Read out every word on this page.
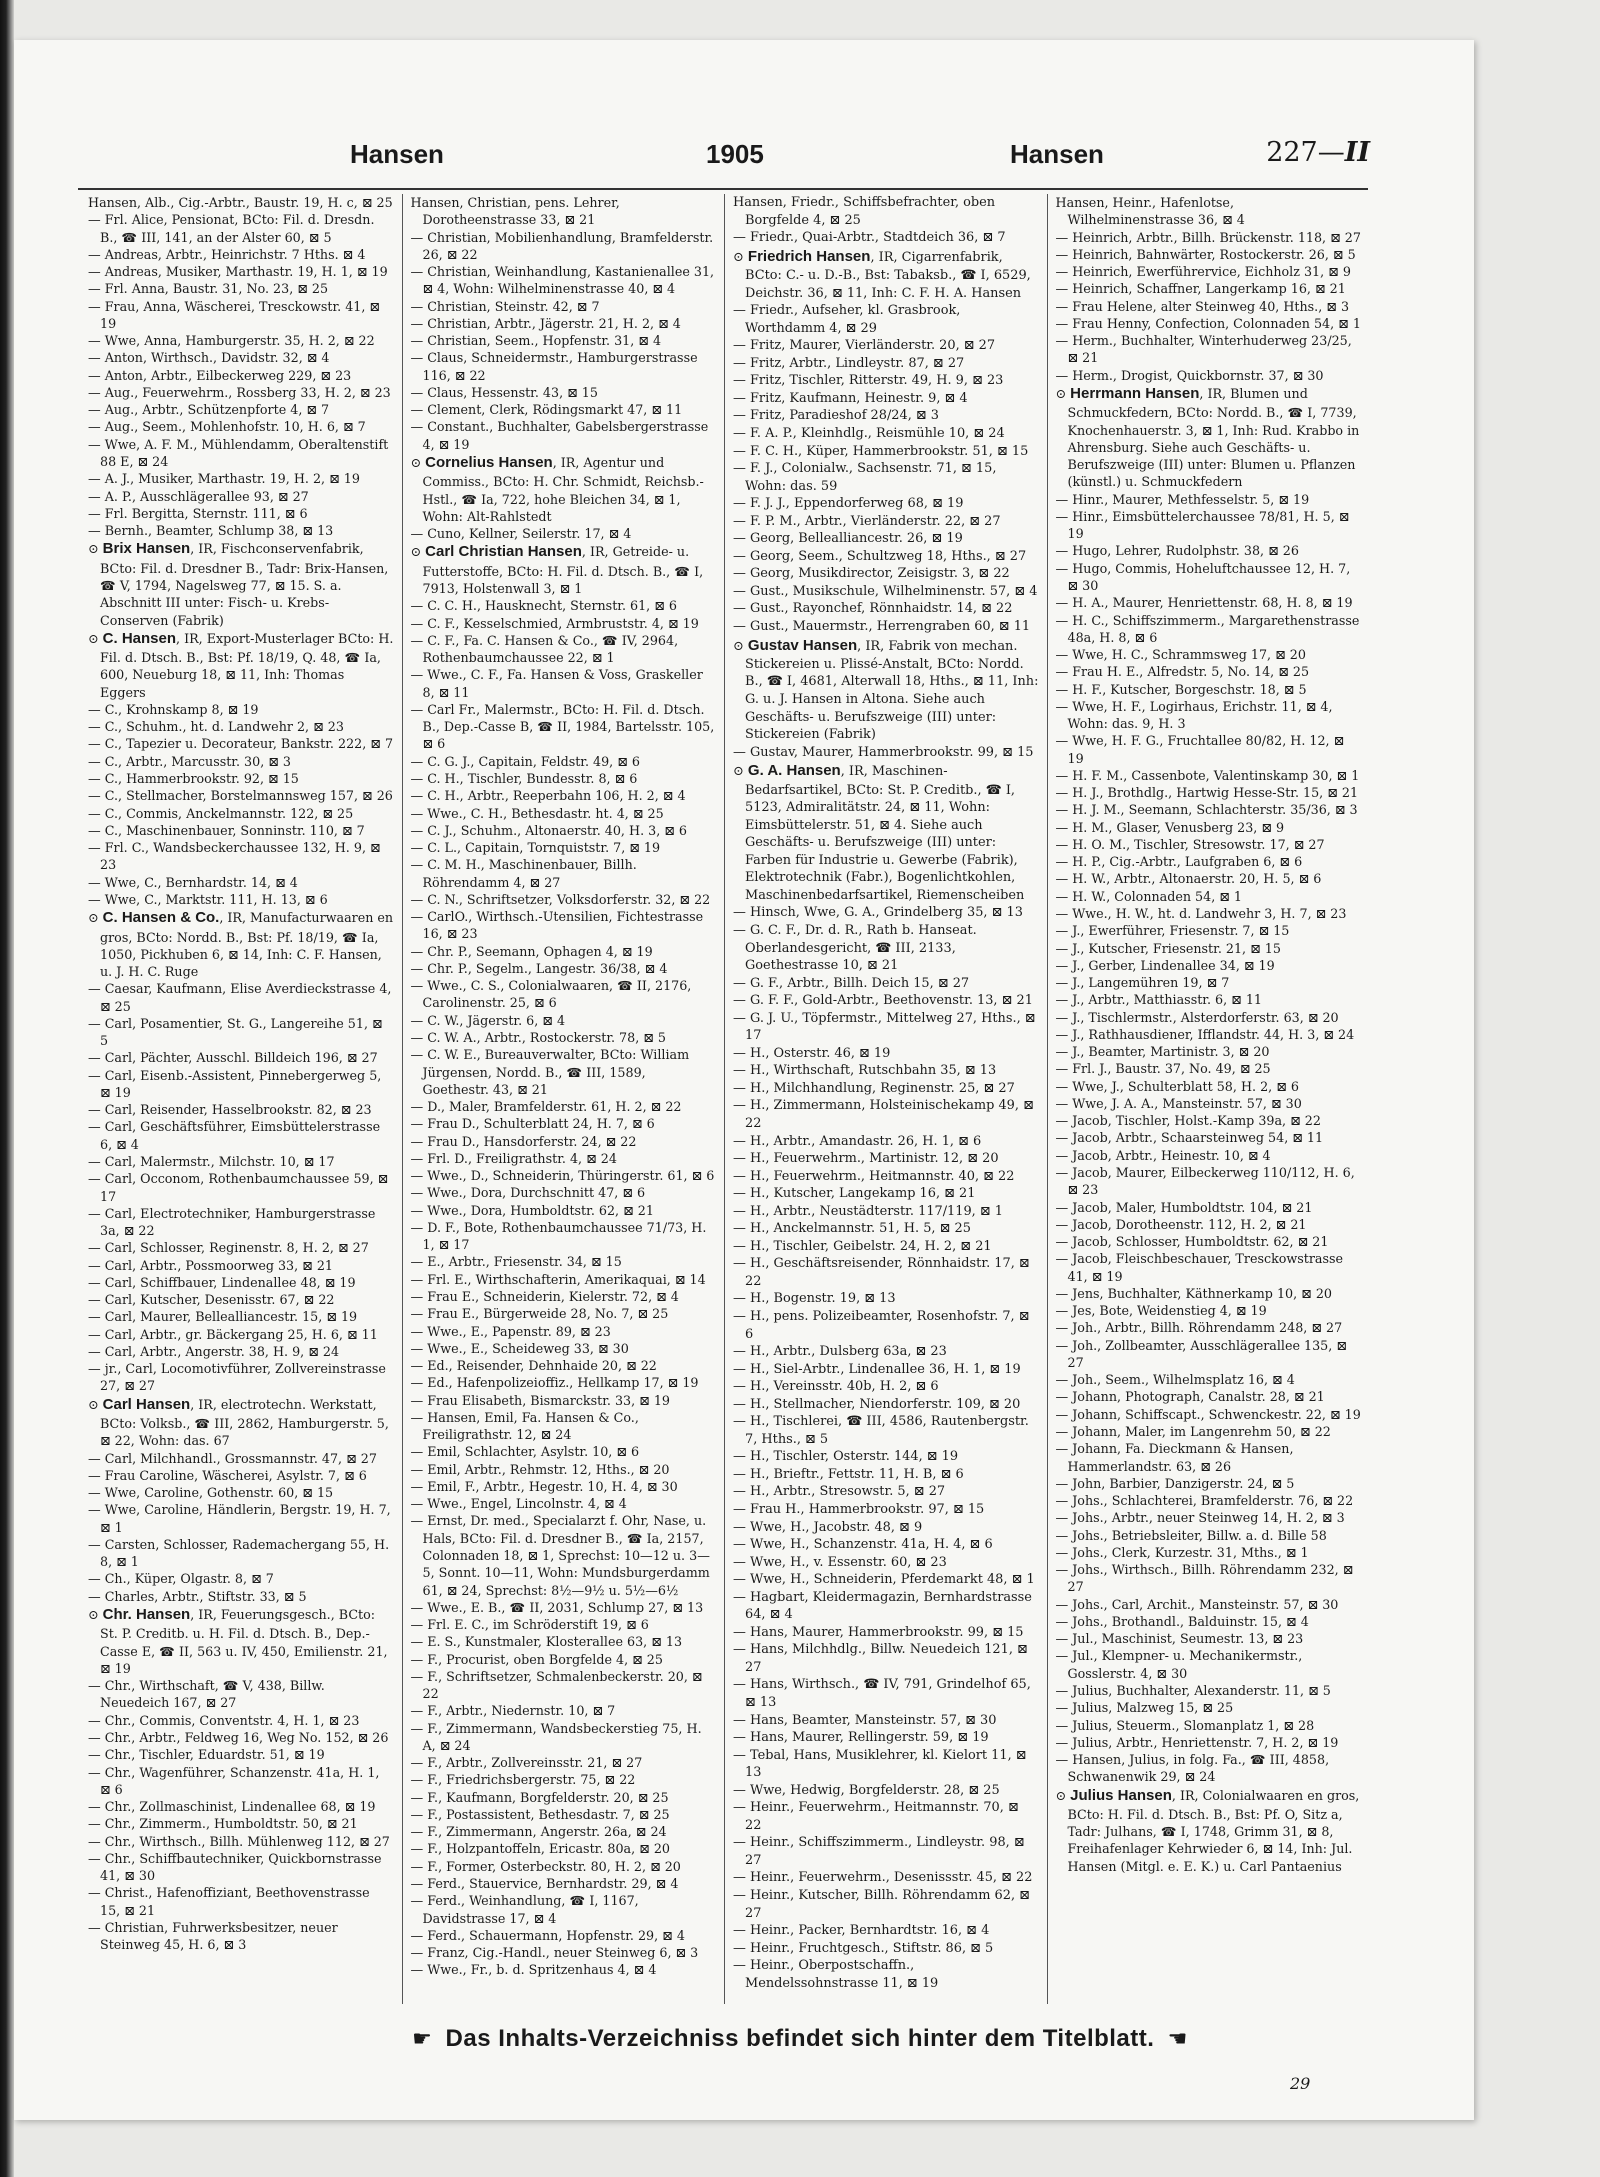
Hansen	1905	Hansen	227—II

Hansen, Alb., Cig.-Arbtr., Baustr. 19, H. c, ⊠ 25

— Frl. Alice, Pensionat, BCto: Fil. d. Dresdn. B., ☎ III, 141, an der Alster 60, ⊠ 5

— Andreas, Arbtr., Heinrichstr. 7 Hths. ⊠ 4

— Andreas, Musiker, Marthastr. 19, H. 1, ⊠ 19

— Frl. Anna, Baustr. 31, No. 23, ⊠ 25

— Frau, Anna, Wäscherei, Tresckowstr. 41, ⊠ 19

— Wwe, Anna, Hamburgerstr. 35, H. 2, ⊠ 22

— Anton, Wirthsch., Davidstr. 32, ⊠ 4

— Anton, Arbtr., Eilbeckerweg 229, ⊠ 23

— Aug., Feuerwehrm., Rossberg 33, H. 2, ⊠ 23

— Aug., Arbtr., Schützenpforte 4, ⊠ 7

— Aug., Seem., Mohlenhofstr. 10, H. 6, ⊠ 7

— Wwe, A. F. M., Mühlendamm, Oberaltenstift 88 E, ⊠ 24

— A. J., Musiker, Marthastr. 19, H. 2, ⊠ 19

— A. P., Ausschlägerallee 93, ⊠ 27

— Frl. Bergitta, Sternstr. 111, ⊠ 6

— Bernh., Beamter, Schlump 38, ⊠ 13

⊙ Brix Hansen, IR, Fischconservenfabrik, BCto: Fil. d. Dresdner B., Tadr: Brix-Hansen, ☎ V, 1794, Nagelsweg 77, ⊠ 15. S. a. Abschnitt III unter: Fisch- u. Krebs-Conserven (Fabrik)

⊙ C. Hansen, IR, Export-Musterlager BCto: H. Fil. d. Dtsch. B., Bst: Pf. 18/19, Q. 48, ☎ Ia, 600, Neueburg 18, ⊠ 11, Inh: Thomas Eggers

— C., Krohnskamp 8, ⊠ 19

— C., Schuhm., ht. d. Landwehr 2, ⊠ 23

— C., Tapezier u. Decorateur, Bankstr. 222, ⊠ 7

— C., Arbtr., Marcusstr. 30, ⊠ 3

— C., Hammerbrookstr. 92, ⊠ 15

— C., Stellmacher, Borstelmannsweg 157, ⊠ 26

— C., Commis, Anckelmannstr. 122, ⊠ 25

— C., Maschinenbauer, Sonninstr. 110, ⊠ 7

— Frl. C., Wandsbeckerchaussee 132, H. 9, ⊠ 23

— Wwe, C., Bernhardstr. 14, ⊠ 4

— Wwe, C., Marktstr. 111, H. 13, ⊠ 6

⊙ C. Hansen & Co., IR, Manufacturwaaren en gros, BCto: Nordd. B., Bst: Pf. 18/19, ☎ Ia, 1050, Pickhuben 6, ⊠ 14, Inh: C. F. Hansen, u. J. H. C. Ruge

— Caesar, Kaufmann, Elise Averdieckstrasse 4, ⊠ 25

— Carl, Posamentier, St. G., Langereihe 51, ⊠ 5

— Carl, Pächter, Ausschl. Billdeich 196, ⊠ 27

— Carl, Eisenb.-Assistent, Pinnebergerweg 5, ⊠ 19

— Carl, Reisender, Hasselbrookstr. 82, ⊠ 23

— Carl, Geschäftsführer, Eimsbüttelerstrasse 6, ⊠ 4

— Carl, Malermstr., Milchstr. 10, ⊠ 17

— Carl, Occonom, Rothenbaumchaussee 59, ⊠ 17

— Carl, Electrotechniker, Hamburgerstrasse 3a, ⊠ 22

— Carl, Schlosser, Reginenstr. 8, H. 2, ⊠ 27

— Carl, Arbtr., Possmoorweg 33, ⊠ 21

— Carl, Schiffbauer, Lindenallee 48, ⊠ 19

— Carl, Kutscher, Desenisstr. 67, ⊠ 22

— Carl, Maurer, Bellealliancestr. 15, ⊠ 19

— Carl, Arbtr., gr. Bäckergang 25, H. 6, ⊠ 11

— Carl, Arbtr., Angerstr. 38, H. 9, ⊠ 24

— jr., Carl, Locomotivführer, Zollvereinstrasse 27, ⊠ 27

⊙ Carl Hansen, IR, electrotechn. Werkstatt, BCto: Volksb., ☎ III, 2862, Hamburgerstr. 5, ⊠ 22, Wohn: das. 67

— Carl, Milchhandl., Grossmannstr. 47, ⊠ 27

— Frau Caroline, Wäscherei, Asylstr. 7, ⊠ 6

— Wwe, Caroline, Gothenstr. 60, ⊠ 15

— Wwe, Caroline, Händlerin, Bergstr. 19, H. 7, ⊠ 1

— Carsten, Schlosser, Rademachergang 55, H. 8, ⊠ 1

— Ch., Küper, Olgastr. 8, ⊠ 7

— Charles, Arbtr., Stiftstr. 33, ⊠ 5

⊙ Chr. Hansen, IR, Feuerungsgesch., BCto: St. P. Creditb. u. H. Fil. d. Dtsch. B., Dep.-Casse E, ☎ II, 563 u. IV, 450, Emilienstr. 21, ⊠ 19

— Chr., Wirthschaft, ☎ V, 438, Billw. Neuedeich 167, ⊠ 27

— Chr., Commis, Conventstr. 4, H. 1, ⊠ 23

— Chr., Arbtr., Feldweg 16, Weg No. 152, ⊠ 26

— Chr., Tischler, Eduardstr. 51, ⊠ 19

— Chr., Wagenführer, Schanzenstr. 41a, H. 1, ⊠ 6

— Chr., Zollmaschinist, Lindenallee 68, ⊠ 19

— Chr., Zimmerm., Humboldtstr. 50, ⊠ 21

— Chr., Wirthsch., Billh. Mühlenweg 112, ⊠ 27

— Chr., Schiffbautechniker, Quickbornstrasse 41, ⊠ 30

— Christ., Hafenoffiziant, Beethovenstrasse 15, ⊠ 21

— Christian, Fuhrwerksbesitzer, neuer Steinweg 45, H. 6, ⊠ 3

Hansen, Christian, pens. Lehrer, Dorotheenstrasse 33, ⊠ 21

— Christian, Mobilienhandlung, Bramfelderstr. 26, ⊠ 22

— Christian, Weinhandlung, Kastanienallee 31, ⊠ 4, Wohn: Wilhelminenstrasse 40, ⊠ 4

— Christian, Steinstr. 42, ⊠ 7

— Christian, Arbtr., Jägerstr. 21, H. 2, ⊠ 4

— Christian, Seem., Hopfenstr. 31, ⊠ 4

— Claus, Schneidermstr., Hamburgerstrasse 116, ⊠ 22

— Claus, Hessenstr. 43, ⊠ 15

— Clement, Clerk, Rödingsmarkt 47, ⊠ 11

— Constant., Buchhalter, Gabelsbergerstrasse 4, ⊠ 19

⊙ Cornelius Hansen, IR, Agentur und Commiss., BCto: H. Chr. Schmidt, Reichsb.-Hstl., ☎ Ia, 722, hohe Bleichen 34, ⊠ 1, Wohn: Alt-Rahlstedt

— Cuno, Kellner, Seilerstr. 17, ⊠ 4

⊙ Carl Christian Hansen, IR, Getreide- u. Futterstoffe, BCto: H. Fil. d. Dtsch. B., ☎ I, 7913, Holstenwall 3, ⊠ 1

— C. C. H., Hausknecht, Sternstr. 61, ⊠ 6

— C. F., Kesselschmied, Armbruststr. 4, ⊠ 19

— C. F., Fa. C. Hansen & Co., ☎ IV, 2964, Rothenbaumchaussee 22, ⊠ 1

— Wwe., C. F., Fa. Hansen & Voss, Graskeller 8, ⊠ 11

— Carl Fr., Malermstr., BCto: H. Fil. d. Dtsch. B., Dep.-Casse B, ☎ II, 1984, Bartelsstr. 105, ⊠ 6

— C. G. J., Capitain, Feldstr. 49, ⊠ 6

— C. H., Tischler, Bundesstr. 8, ⊠ 6

— C. H., Arbtr., Reeperbahn 106, H. 2, ⊠ 4

— Wwe., C. H., Bethesdastr. ht. 4, ⊠ 25

— C. J., Schuhm., Altonaerstr. 40, H. 3, ⊠ 6

— C. L., Capitain, Tornquiststr. 7, ⊠ 19

— C. M. H., Maschinenbauer, Billh. Röhrendamm 4, ⊠ 27

— C. N., Schriftsetzer, Volksdorferstr. 32, ⊠ 22

— CarlO., Wirthsch.-Utensilien, Fichtestrasse 16, ⊠ 23

— Chr. P., Seemann, Ophagen 4, ⊠ 19

— Chr. P., Segelm., Langestr. 36/38, ⊠ 4

— Wwe., C. S., Colonialwaaren, ☎ II, 2176, Carolinenstr. 25, ⊠ 6

— C. W., Jägerstr. 6, ⊠ 4

— C. W. A., Arbtr., Rostockerstr. 78, ⊠ 5

— C. W. E., Bureauverwalter, BCto: William Jürgensen, Nordd. B., ☎ III, 1589, Goethestr. 43, ⊠ 21

— D., Maler, Bramfelderstr. 61, H. 2, ⊠ 22

— Frau D., Schulterblatt 24, H. 7, ⊠ 6

— Frau D., Hansdorferstr. 24, ⊠ 22

— Frl. D., Freiligrathstr. 4, ⊠ 24

— Wwe., D., Schneiderin, Thüringerstr. 61, ⊠ 6

— Wwe., Dora, Durchschnitt 47, ⊠ 6

— Wwe., Dora, Humboldtstr. 62, ⊠ 21

— D. F., Bote, Rothenbaumchaussee 71/73, H. 1, ⊠ 17

— E., Arbtr., Friesenstr. 34, ⊠ 15

— Frl. E., Wirthschafterin, Amerikaquai, ⊠ 14

— Frau E., Schneiderin, Kielerstr. 72, ⊠ 4

— Frau E., Bürgerweide 28, No. 7, ⊠ 25

— Wwe., E., Papenstr. 89, ⊠ 23

— Wwe., E., Scheideweg 33, ⊠ 30

— Ed., Reisender, Dehnhaide 20, ⊠ 22

— Ed., Hafenpolizeioffiz., Hellkamp 17, ⊠ 19

— Frau Elisabeth, Bismarckstr. 33, ⊠ 19

— Hansen, Emil, Fa. Hansen & Co., Freiligrathstr. 12, ⊠ 24

— Emil, Schlachter, Asylstr. 10, ⊠ 6

— Emil, Arbtr., Rehmstr. 12, Hths., ⊠ 20

— Emil, F., Arbtr., Hegestr. 10, H. 4, ⊠ 30

— Wwe., Engel, Lincolnstr. 4, ⊠ 4

— Ernst, Dr. med., Specialarzt f. Ohr, Nase, u. Hals, BCto: Fil. d. Dresdner B., ☎ Ia, 2157, Colonnaden 18, ⊠ 1, Sprechst: 10—12 u. 3—5, Sonnt. 10—11, Wohn: Mundsburgerdamm 61, ⊠ 24, Sprechst: 8½—9½ u. 5½—6½

— Wwe., E. B., ☎ II, 2031, Schlump 27, ⊠ 13

— Frl. E. C., im Schröderstift 19, ⊠ 6

— E. S., Kunstmaler, Klosterallee 63, ⊠ 13

— F., Procurist, oben Borgfelde 4, ⊠ 25

— F., Schriftsetzer, Schmalenbeckerstr. 20, ⊠ 22

— F., Arbtr., Niedernstr. 10, ⊠ 7

— F., Zimmermann, Wandsbeckerstieg 75, H. A, ⊠ 24

— F., Arbtr., Zollvereinsstr. 21, ⊠ 27

— F., Friedrichsbergerstr. 75, ⊠ 22

— F., Kaufmann, Borgfelderstr. 20, ⊠ 25

— F., Postassistent, Bethesdastr. 7, ⊠ 25

— F., Zimmermann, Angerstr. 26a, ⊠ 24

— F., Holzpantoffeln, Ericastr. 80a, ⊠ 20

— F., Former, Osterbeckstr. 80, H. 2, ⊠ 20

— Ferd., Stauervice, Bernhardstr. 29, ⊠ 4

— Ferd., Weinhandlung, ☎ I, 1167, Davidstrasse 17, ⊠ 4

— Ferd., Schauermann, Hopfenstr. 29, ⊠ 4

— Franz, Cig.-Handl., neuer Steinweg 6, ⊠ 3

— Wwe., Fr., b. d. Spritzenhaus 4, ⊠ 4

Hansen, Friedr., Schiffsbefrachter, oben Borgfelde 4, ⊠ 25

— Friedr., Quai-Arbtr., Stadtdeich 36, ⊠ 7

⊙ Friedrich Hansen, IR, Cigarrenfabrik, BCto: C.- u. D.-B., Bst: Tabaksb., ☎ I, 6529, Deichstr. 36, ⊠ 11, Inh: C. F. H. A. Hansen

— Friedr., Aufseher, kl. Grasbrook, Worthdamm 4, ⊠ 29

— Fritz, Maurer, Vierländerstr. 20, ⊠ 27

— Fritz, Arbtr., Lindleystr. 87, ⊠ 27

— Fritz, Tischler, Ritterstr. 49, H. 9, ⊠ 23

— Fritz, Kaufmann, Heinestr. 9, ⊠ 4

— Fritz, Paradieshof 28/24, ⊠ 3

— F. A. P., Kleinhdlg., Reismühle 10, ⊠ 24

— F. C. H., Küper, Hammerbrookstr. 51, ⊠ 15

— F. J., Colonialw., Sachsenstr. 71, ⊠ 15, Wohn: das. 59

— F. J. J., Eppendorferweg 68, ⊠ 19

— F. P. M., Arbtr., Vierländerstr. 22, ⊠ 27

— Georg, Bellealliancestr. 26, ⊠ 19

— Georg, Seem., Schultzweg 18, Hths., ⊠ 27

— Georg, Musikdirector, Zeisigstr. 3, ⊠ 22

— Gust., Musikschule, Wilhelminenstr. 57, ⊠ 4

— Gust., Rayonchef, Rönnhaidstr. 14, ⊠ 22

— Gust., Mauermstr., Herrengraben 60, ⊠ 11

⊙ Gustav Hansen, IR, Fabrik von mechan. Stickereien u. Plissé-Anstalt, BCto: Nordd. B., ☎ I, 4681, Alterwall 18, Hths., ⊠ 11, Inh: G. u. J. Hansen in Altona. Siehe auch Geschäfts- u. Berufszweige (III) unter: Stickereien (Fabrik)

— Gustav, Maurer, Hammerbrookstr. 99, ⊠ 15

⊙ G. A. Hansen, IR, Maschinen-Bedarfsartikel, BCto: St. P. Creditb., ☎ I, 5123, Admiralitätstr. 24, ⊠ 11, Wohn: Eimsbüttelerstr. 51, ⊠ 4. Siehe auch Geschäfts- u. Berufszweige (III) unter: Farben für Industrie u. Gewerbe (Fabrik), Elektrotechnik (Fabr.), Bogenlichtkohlen, Maschinenbedarfsartikel, Riemenscheiben

— Hinsch, Wwe, G. A., Grindelberg 35, ⊠ 13

— G. C. F., Dr. d. R., Rath b. Hanseat. Oberlandesgericht, ☎ III, 2133, Goethestrasse 10, ⊠ 21

— G. F., Arbtr., Billh. Deich 15, ⊠ 27

— G. F. F., Gold-Arbtr., Beethovenstr. 13, ⊠ 21

— G. J. U., Töpfermstr., Mittelweg 27, Hths., ⊠ 17

— H., Osterstr. 46, ⊠ 19

— H., Wirthschaft, Rutschbahn 35, ⊠ 13

— H., Milchhandlung, Reginenstr. 25, ⊠ 27

— H., Zimmermann, Holsteinischekamp 49, ⊠ 22

— H., Arbtr., Amandastr. 26, H. 1, ⊠ 6

— H., Feuerwehrm., Martinistr. 12, ⊠ 20

— H., Feuerwehrm., Heitmannstr. 40, ⊠ 22

— H., Kutscher, Langekamp 16, ⊠ 21

— H., Arbtr., Neustädterstr. 117/119, ⊠ 1

— H., Anckelmannstr. 51, H. 5, ⊠ 25

— H., Tischler, Geibelstr. 24, H. 2, ⊠ 21

— H., Geschäftsreisender, Rönnhaidstr. 17, ⊠ 22

— H., Bogenstr. 19, ⊠ 13

— H., pens. Polizeibeamter, Rosenhofstr. 7, ⊠ 6

— H., Arbtr., Dulsberg 63a, ⊠ 23

— H., Siel-Arbtr., Lindenallee 36, H. 1, ⊠ 19

— H., Vereinsstr. 40b, H. 2, ⊠ 6

— H., Stellmacher, Niendorferstr. 109, ⊠ 20

— H., Tischlerei, ☎ III, 4586, Rautenbergstr. 7, Hths., ⊠ 5

— H., Tischler, Osterstr. 144, ⊠ 19

— H., Brieftr., Fettstr. 11, H. B, ⊠ 6

— H., Arbtr., Stresowstr. 5, ⊠ 27

— Frau H., Hammerbrookstr. 97, ⊠ 15

— Wwe, H., Jacobstr. 48, ⊠ 9

— Wwe, H., Schanzenstr. 41a, H. 4, ⊠ 6

— Wwe, H., v. Essenstr. 60, ⊠ 23

— Wwe, H., Schneiderin, Pferdemarkt 48, ⊠ 1

— Hagbart, Kleidermagazin, Bernhardstrasse 64, ⊠ 4

— Hans, Maurer, Hammerbrookstr. 99, ⊠ 15

— Hans, Milchhdlg., Billw. Neuedeich 121, ⊠ 27

— Hans, Wirthsch., ☎ IV, 791, Grindelhof 65, ⊠ 13

— Hans, Beamter, Mansteinstr. 57, ⊠ 30

— Hans, Maurer, Rellingerstr. 59, ⊠ 19

— Tebal, Hans, Musiklehrer, kl. Kielort 11, ⊠ 13

— Wwe, Hedwig, Borgfelderstr. 28, ⊠ 25

— Heinr., Feuerwehrm., Heitmannstr. 70, ⊠ 22

— Heinr., Schiffszimmerm., Lindleystr. 98, ⊠ 27

— Heinr., Feuerwehrm., Desenissstr. 45, ⊠ 22

— Heinr., Kutscher, Billh. Röhrendamm 62, ⊠ 27

— Heinr., Packer, Bernhardtstr. 16, ⊠ 4

— Heinr., Fruchtgesch., Stiftstr. 86, ⊠ 5

— Heinr., Oberpostschaffn., Mendelssohnstrasse 11, ⊠ 19

Hansen, Heinr., Hafenlotse, Wilhelminenstrasse 36, ⊠ 4

— Heinrich, Arbtr., Billh. Brückenstr. 118, ⊠ 27

— Heinrich, Bahnwärter, Rostockerstr. 26, ⊠ 5

— Heinrich, Ewerführervice, Eichholz 31, ⊠ 9

— Heinrich, Schaffner, Langerkamp 16, ⊠ 21

— Frau Helene, alter Steinweg 40, Hths., ⊠ 3

— Frau Henny, Confection, Colonnaden 54, ⊠ 1

— Herm., Buchhalter, Winterhuderweg 23/25, ⊠ 21

— Herm., Drogist, Quickbornstr. 37, ⊠ 30

⊙ Herrmann Hansen, IR, Blumen und Schmuckfedern, BCto: Nordd. B., ☎ I, 7739, Knochenhauerstr. 3, ⊠ 1, Inh: Rud. Krabbo in Ahrensburg. Siehe auch Geschäfts- u. Berufszweige (III) unter: Blumen u. Pflanzen (künstl.) u. Schmuckfedern

— Hinr., Maurer, Methfesselstr. 5, ⊠ 19

— Hinr., Eimsbüttelerchaussee 78/81, H. 5, ⊠ 19

— Hugo, Lehrer, Rudolphstr. 38, ⊠ 26

— Hugo, Commis, Hoheluftchaussee 12, H. 7, ⊠ 30

— H. A., Maurer, Henriettenstr. 68, H. 8, ⊠ 19

— H. C., Schiffszimmerm., Margarethenstrasse 48a, H. 8, ⊠ 6

— Wwe, H. C., Schrammsweg 17, ⊠ 20

— Frau H. E., Alfredstr. 5, No. 14, ⊠ 25

— H. F., Kutscher, Borgeschstr. 18, ⊠ 5

— Wwe, H. F., Logirhaus, Erichstr. 11, ⊠ 4, Wohn: das. 9, H. 3

— Wwe, H. F. G., Fruchtallee 80/82, H. 12, ⊠ 19

— H. F. M., Cassenbote, Valentinskamp 30, ⊠ 1

— H. J., Brothdlg., Hartwig Hesse-Str. 15, ⊠ 21

— H. J. M., Seemann, Schlachterstr. 35/36, ⊠ 3

— H. M., Glaser, Venusberg 23, ⊠ 9

— H. O. M., Tischler, Stresowstr. 17, ⊠ 27

— H. P., Cig.-Arbtr., Laufgraben 6, ⊠ 6

— H. W., Arbtr., Altonaerstr. 20, H. 5, ⊠ 6

— H. W., Colonnaden 54, ⊠ 1

— Wwe., H. W., ht. d. Landwehr 3, H. 7, ⊠ 23

— J., Ewerführer, Friesenstr. 7, ⊠ 15

— J., Kutscher, Friesenstr. 21, ⊠ 15

— J., Gerber, Lindenallee 34, ⊠ 19

— J., Langemühren 19, ⊠ 7

— J., Arbtr., Matthiasstr. 6, ⊠ 11

— J., Tischlermstr., Alsterdorferstr. 63, ⊠ 20

— J., Rathhausdiener, Ifflandstr. 44, H. 3, ⊠ 24

— J., Beamter, Martinistr. 3, ⊠ 20

— Frl. J., Baustr. 37, No. 49, ⊠ 25

— Wwe, J., Schulterblatt 58, H. 2, ⊠ 6

— Wwe, J. A. A., Mansteinstr. 57, ⊠ 30

— Jacob, Tischler, Holst.-Kamp 39a, ⊠ 22

— Jacob, Arbtr., Schaarsteinweg 54, ⊠ 11

— Jacob, Arbtr., Heinestr. 10, ⊠ 4

— Jacob, Maurer, Eilbeckerweg 110/112, H. 6, ⊠ 23

— Jacob, Maler, Humboldtstr. 104, ⊠ 21

— Jacob, Dorotheenstr. 112, H. 2, ⊠ 21

— Jacob, Schlosser, Humboldtstr. 62, ⊠ 21

— Jacob, Fleischbeschauer, Tresckowstrasse 41, ⊠ 19

— Jens, Buchhalter, Käthnerkamp 10, ⊠ 20

— Jes, Bote, Weidenstieg 4, ⊠ 19

— Joh., Arbtr., Billh. Röhrendamm 248, ⊠ 27

— Joh., Zollbeamter, Ausschlägerallee 135, ⊠ 27

— Joh., Seem., Wilhelmsplatz 16, ⊠ 4

— Johann, Photograph, Canalstr. 28, ⊠ 21

— Johann, Schiffscapt., Schwenckestr. 22, ⊠ 19

— Johann, Maler, im Langenrehm 50, ⊠ 22

— Johann, Fa. Dieckmann & Hansen, Hammerlandstr. 63, ⊠ 26

— John, Barbier, Danzigerstr. 24, ⊠ 5

— Johs., Schlachterei, Bramfelderstr. 76, ⊠ 22

— Johs., Arbtr., neuer Steinweg 14, H. 2, ⊠ 3

— Johs., Betriebsleiter, Billw. a. d. Bille 58

— Johs., Clerk, Kurzestr. 31, Mths., ⊠ 1

— Johs., Wirthsch., Billh. Röhrendamm 232, ⊠ 27

— Johs., Carl, Archit., Mansteinstr. 57, ⊠ 30

— Johs., Brothandl., Balduinstr. 15, ⊠ 4

— Jul., Maschinist, Seumestr. 13, ⊠ 23

— Jul., Klempner- u. Mechanikermstr., Gosslerstr. 4, ⊠ 30

— Julius, Buchhalter, Alexanderstr. 11, ⊠ 5

— Julius, Malzweg 15, ⊠ 25

— Julius, Steuerm., Slomanplatz 1, ⊠ 28

— Julius, Arbtr., Henriettenstr. 7, H. 2, ⊠ 19

— Hansen, Julius, in folg. Fa., ☎ III, 4858, Schwanenwik 29, ⊠ 24

⊙ Julius Hansen, IR, Colonialwaaren en gros, BCto: H. Fil. d. Dtsch. B., Bst: Pf. O, Sitz a, Tadr: Julhans, ☎ I, 1748, Grimm 31, ⊠ 8, Freihafenlager Kehrwieder 6, ⊠ 14, Inh: Jul. Hansen (Mitgl. e. E. K.) u. Carl Pantaenius

☛ Das Inhalts-Verzeichniss befindet sich hinter dem Titelblatt. ☚
29
